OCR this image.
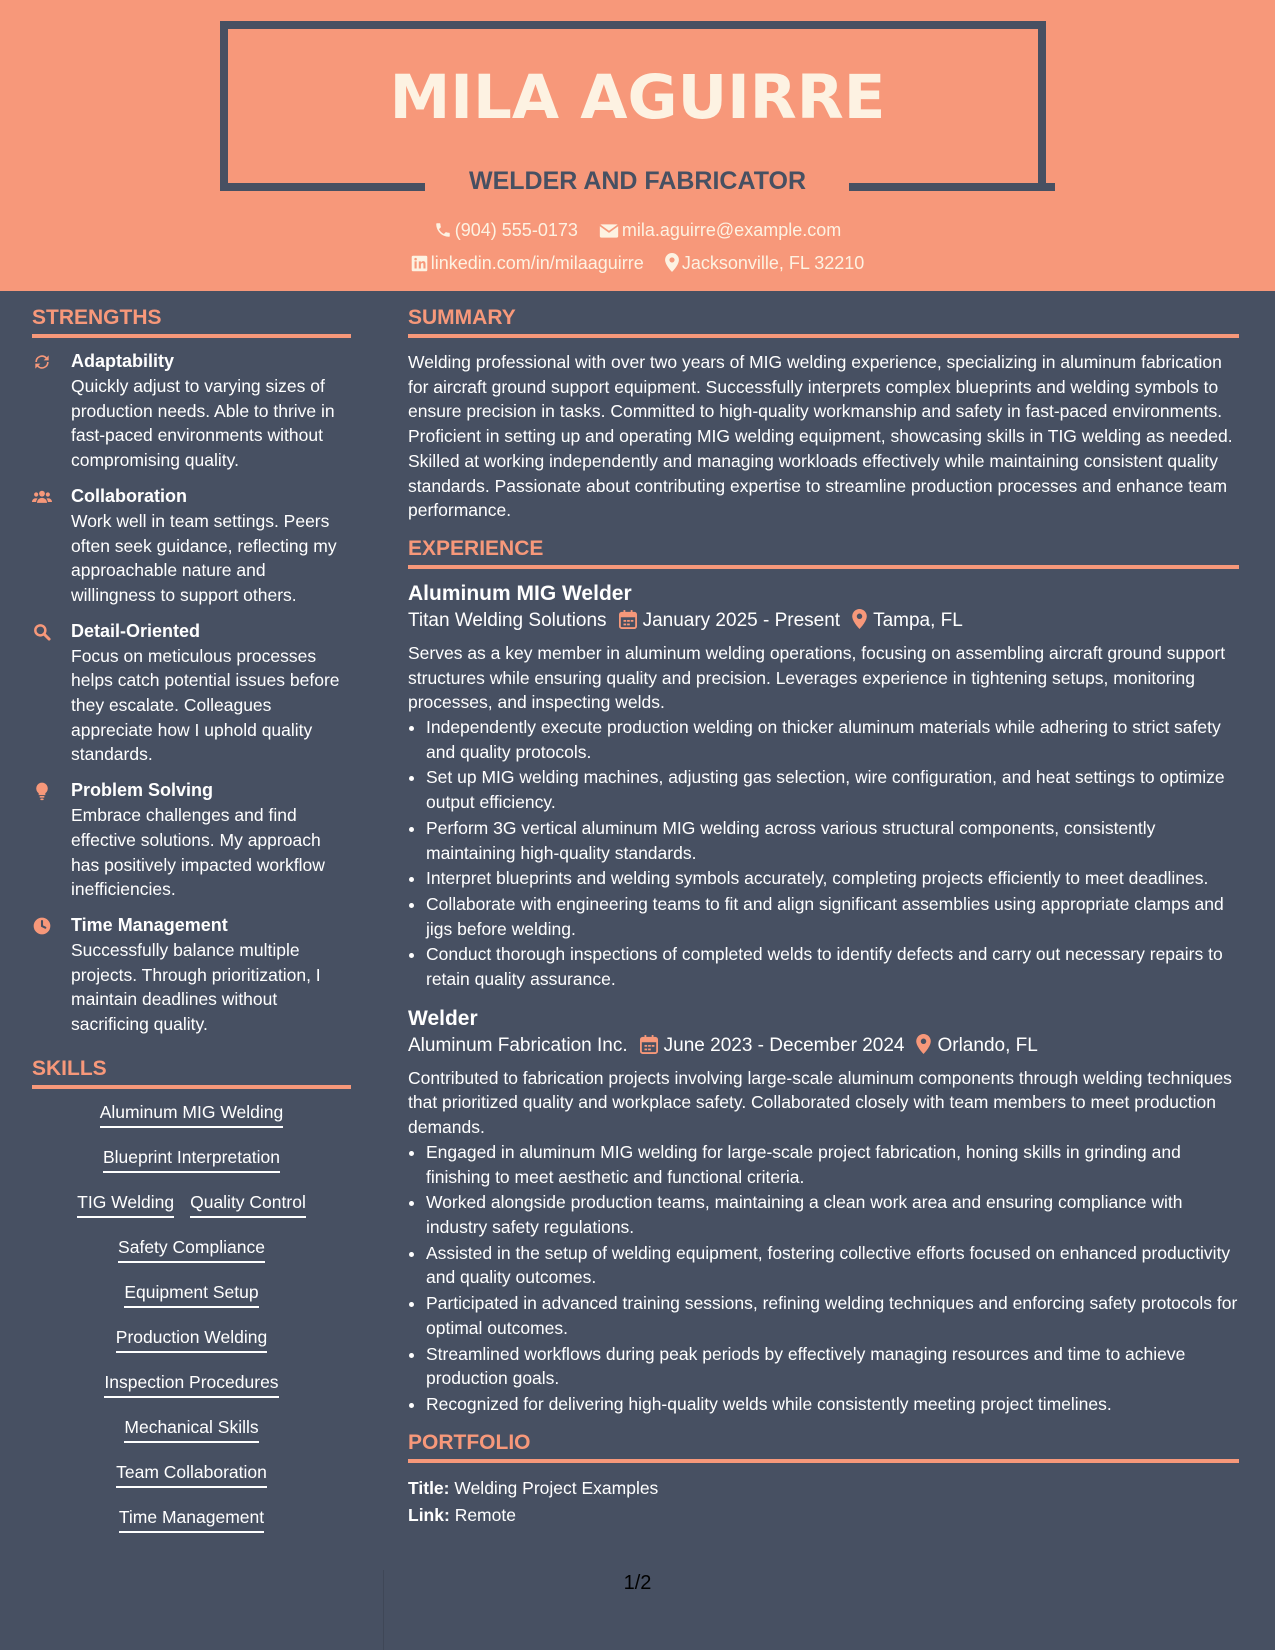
MILA AGUIRRE
WELDER AND FABRICATOR
(904) 555-0173 mila.aguirre@example.com
linkedin.com/in/milaaguirre Jacksonville, FL 32210
STRENGTHS
Adaptability
Quickly adjust to varying sizes of production needs. Able to thrive in fast-paced environments without compromising quality.
Collaboration
Work well in team settings. Peers often seek guidance, reflecting my approachable nature and willingness to support others.
Detail-Oriented
Focus on meticulous processes helps catch potential issues before they escalate. Colleagues appreciate how I uphold quality standards.
Problem Solving
Embrace challenges and find effective solutions. My approach has positively impacted workflow inefficiencies.
Time Management
Successfully balance multiple projects. Through prioritization, I maintain deadlines without sacrificing quality.
SKILLS
Aluminum MIG Welding
Blueprint Interpretation
TIG Welding Quality Control
Safety Compliance
Equipment Setup
Production Welding
Inspection Procedures
Mechanical Skills
Team Collaboration
Time Management
SUMMARY
Welding professional with over two years of MIG welding experience, specializing in aluminum fabrication for aircraft ground support equipment. Successfully interprets complex blueprints and welding symbols to ensure precision in tasks. Committed to high-quality workmanship and safety in fast-paced environments. Proficient in setting up and operating MIG welding equipment, showcasing skills in TIG welding as needed. Skilled at working independently and managing workloads effectively while maintaining consistent quality standards. Passionate about contributing expertise to streamline production processes and enhance team performance.
EXPERIENCE
Aluminum MIG Welder
Titan Welding Solutions January 2025 - Present Tampa, FL
Serves as a key member in aluminum welding operations, focusing on assembling aircraft ground support structures while ensuring quality and precision. Leverages experience in tightening setups, monitoring processes, and inspecting welds.
• Independently execute production welding on thicker aluminum materials while adhering to strict safety and quality protocols.
• Set up MIG welding machines, adjusting gas selection, wire configuration, and heat settings to optimize output efficiency.
• Perform 3G vertical aluminum MIG welding across various structural components, consistently maintaining high-quality standards.
• Interpret blueprints and welding symbols accurately, completing projects efficiently to meet deadlines.
• Collaborate with engineering teams to fit and align significant assemblies using appropriate clamps and jigs before welding.
• Conduct thorough inspections of completed welds to identify defects and carry out necessary repairs to retain quality assurance.
Welder
Aluminum Fabrication Inc. June 2023 - December 2024 Orlando, FL
Contributed to fabrication projects involving large-scale aluminum components through welding techniques that prioritized quality and workplace safety. Collaborated closely with team members to meet production demands.
• Engaged in aluminum MIG welding for large-scale project fabrication, honing skills in grinding and finishing to meet aesthetic and functional criteria.
• Worked alongside production teams, maintaining a clean work area and ensuring compliance with industry safety regulations.
• Assisted in the setup of welding equipment, fostering collective efforts focused on enhanced productivity and quality outcomes.
• Participated in advanced training sessions, refining welding techniques and enforcing safety protocols for optimal outcomes.
• Streamlined workflows during peak periods by effectively managing resources and time to achieve production goals.
• Recognized for delivering high-quality welds while consistently meeting project timelines.
PORTFOLIO
Title: Welding Project Examples
Link: Remote
1/2
